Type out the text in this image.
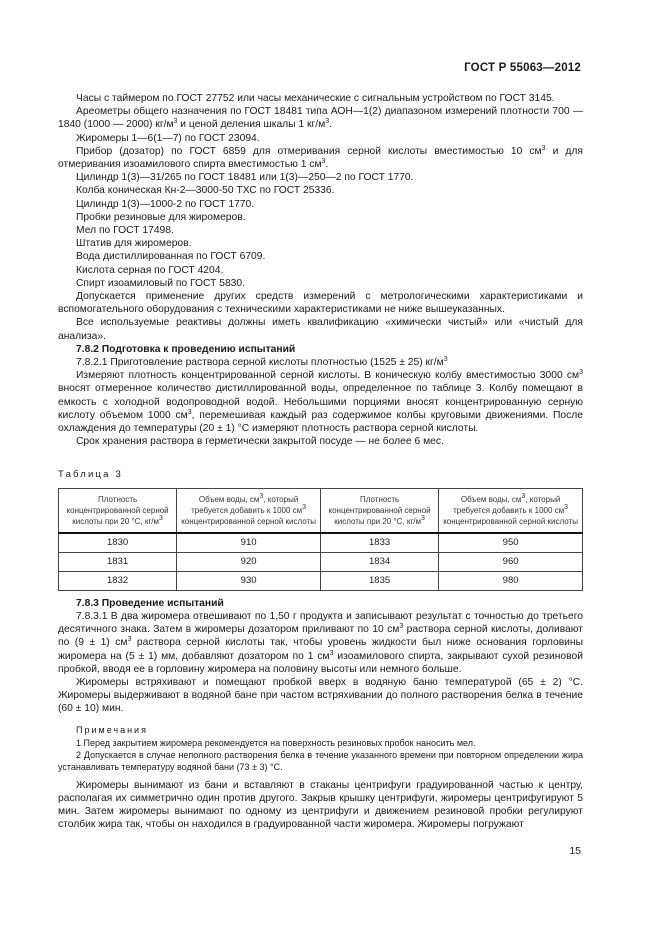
ГОСТ Р 55063—2012

Часы с таймером по ГОСТ 27752 или часы механические с сигнальным устройством по ГОСТ 3145.

Ареометры общего назначения по ГОСТ 18481 типа АОН—1(2) диапазоном измерений плотности 700 — 1840 (1000 — 2000) $кг/м^3$ и ценой деления шкалы 1 $кг/м^3$.

Жиромеры 1—6(1—7) по ГОСТ 23094.

Прибор (дозатор) по ГОСТ 6859 для отмеривания серной кислоты вместимостью 10 $см^3$ и для отмеривания изоамилового спирта вместимостью 1 $см^3$.

Цилиндр 1(3)—31/265 по ГОСТ 18481 или 1(3)—250—2 по ГОСТ 1770.

Колба коническая Кн-2—3000-50 ТХС по ГОСТ 25336.

Цилиндр 1(3)—1000-2 по ГОСТ 1770.

Пробки резиновые для жиромеров.

Мел по ГОСТ 17498.

Штатив для жиромеров.

Вода дистиллированная по ГОСТ 6709.

Кислота серная по ГОСТ 4204.

Спирт изоамиловый по ГОСТ 5830.

Допускается применение других средств измерений с метрологическими характеристиками и вспомогательного оборудования с техническими характеристиками не ниже вышеуказанных.

Все используемые реактивы должны иметь квалификацию «химически чистый» или «чистый для анализа».

7.8.2 Подготовка к проведению испытаний

7.8.2.1 Приготовление раствора серной кислоты плотностью (1525 ± 25) $кг/м^3$

Измеряют плотность концентрированной серной кислоты. В коническую колбу вместимостью 3000 $см^3$ вносят отмеренное количество дистиллированной воды, определенное по таблице 3. Колбу помещают в емкость с холодной водопроводной водой. Небольшими порциями вносят концентрированную серную кислоту объемом 1000 $см^3$, перемешивая каждый раз содержимое колбы круговыми движениями. После охлаждения до температуры (20 ± 1) °С измеряют плотность раствора серной кислоты.

Срок хранения раствора в герметически закрытой посуде — не более 6 мес.

Таблица 3
Плотность концентрированной серной кислоты при 20 °С, $кг/м^3$	Объем воды, $см^3$, который требуется добавить к 1000 $см^3$ концентрированной серной кислоты	Плотность концентрированной серной кислоты при 20 °С, $кг/м^3$	Объем воды, $см^3$, который требуется добавить к 1000 $см^3$ концентрированной серной кислоты
1830	910	1833	950
1831	920	1834	960
1832	930	1835	980

7.8.3 Проведение испытаний

7.8.3.1 В два жиромера отвешивают по 1,50 г продукта и записывают результат с точностью до третьего десятичного знака. Затем в жиромеры дозатором приливают по 10 $см^3$ раствора серной кислоты, доливают по (9 ± 1) $см^3$ раствора серной кислоты так, чтобы уровень жидкости был ниже основания горловины жиромера на (5 ± 1) мм, добавляют дозатором по 1 $см^3$ изоамилового спирта, закрывают сухой резиновой пробкой, вводя ее в горловину жиромера на половину высоты или немного больше.

Жиромеры встряхивают и помещают пробкой вверх в водяную баню температурой (65 ± 2) °С. Жиромеры выдерживают в водяной бане при частом встряхивании до полного растворения белка в течение (60 ± 10) мин.

Примечания

1 Перед закрытием жиромера рекомендуется на поверхность резиновых пробок наносить мел.

2 Допускается в случае неполного растворения белка в течение указанного времени при повторном определении жира устанавливать температуру водяной бани (73 ± 3) °С.

Жиромеры вынимают из бани и вставляют в стаканы центрифуги градуированной частью к центру, располагая их симметрично один против другого. Закрыв крышку центрифуги, жиромеры центрифугируют 5 мин. Затем жиромеры вынимают по одному из центрифуги и движением резиновой пробки регулируют столбик жира так, чтобы он находился в градуированной части жиромера. Жиромеры погружают

15
